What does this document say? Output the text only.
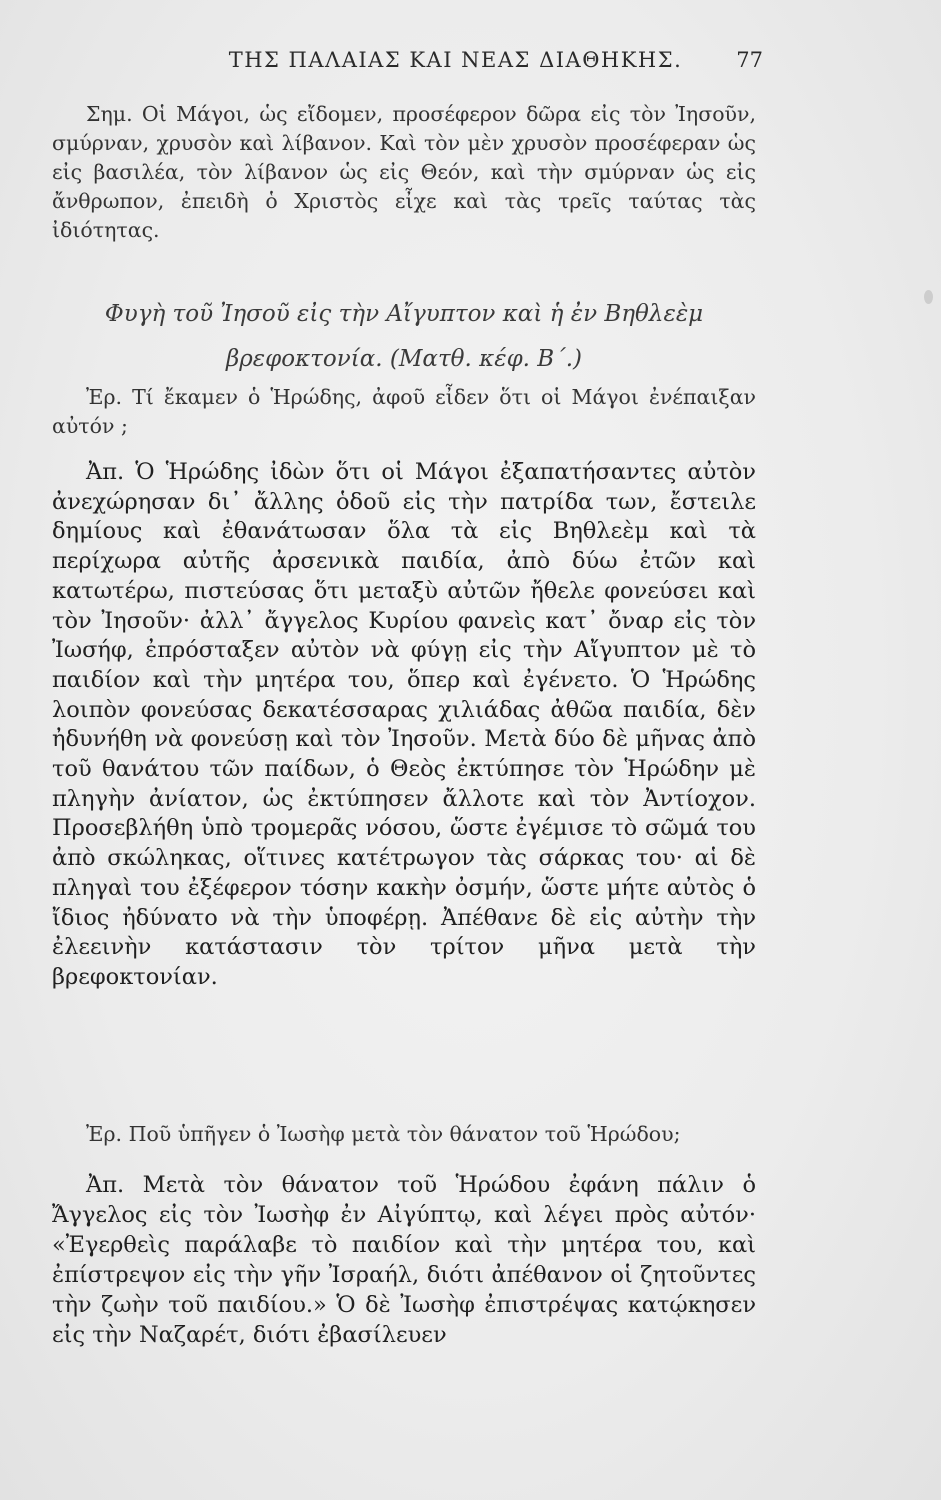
ΤΗΣ ΠΑΛΑΙΑΣ ΚΑΙ ΝΕΑΣ ΔΙΑΘΗΚΗΣ.	77

Σημ. Οἱ Μάγοι, ὡς εἴδομεν, προσέφερον δῶρα εἰς τὸν Ἰησοῦν, σμύρναν, χρυσὸν καὶ λίβανον. Καὶ τὸν μὲν χρυσὸν προσέφεραν ὡς εἰς βασιλέα, τὸν λίβανον ὡς εἰς Θεόν, καὶ τὴν σμύρναν ὡς εἰς ἄνθρωπον, ἐπειδὴ ὁ Χριστὸς εἶχε καὶ τὰς τρεῖς ταύτας τὰς ἰδιότητας.

Φυγὴ τοῦ Ἰησοῦ εἰς τὴν Αἴγυπτον καὶ ἡ ἐν Βηθλεὲμ
βρεφοκτονία. (Ματθ. κέφ. Β΄.)

Ἐρ. Τί ἔκαμεν ὁ Ἡρώδης, ἀφοῦ εἶδεν ὅτι οἱ Μάγοι ἐνέπαιξαν αὐτόν ;

Ἀπ. Ὁ Ἡρώδης ἰδὼν ὅτι οἱ Μάγοι ἐξαπατήσαντες αὐτὸν ἀνεχώρησαν δι᾽ ἄλλης ὁδοῦ εἰς τὴν πατρίδα των, ἔστειλε δημίους καὶ ἐθανάτωσαν ὅλα τὰ εἰς Βηθλεὲμ καὶ τὰ περίχωρα αὐτῆς ἀρσενικὰ παιδία, ἀπὸ δύω ἐτῶν καὶ κατωτέρω, πιστεύσας ὅτι μεταξὺ αὐτῶν ἤθελε φονεύσει καὶ τὸν Ἰησοῦν· ἀλλ᾽ ἄγγελος Κυρίου φανεὶς κατ᾽ ὄναρ εἰς τὸν Ἰωσήφ, ἐπρόσταξεν αὐτὸν νὰ φύγῃ εἰς τὴν Αἴγυπτον μὲ τὸ παιδίον καὶ τὴν μητέρα του, ὅπερ καὶ ἐγένετο. Ὁ Ἡρώδης λοιπὸν φονεύσας δεκατέσσαρας χιλιάδας ἀθῶα παιδία, δὲν ἠδυνήθη νὰ φονεύσῃ καὶ τὸν Ἰησοῦν. Μετὰ δύο δὲ μῆνας ἀπὸ τοῦ θανάτου τῶν παίδων, ὁ Θεὸς ἐκτύπησε τὸν Ἡρώδην μὲ πληγὴν ἀνίατον, ὡς ἐκτύπησεν ἄλλοτε καὶ τὸν Ἀντίοχον. Προσεβλήθη ὑπὸ τρομερᾶς νόσου, ὥστε ἐγέμισε τὸ σῶμά του ἀπὸ σκώληκας, οἵτινες κατέτρωγον τὰς σάρκας του· αἱ δὲ πληγαὶ του ἐξέφερον τόσην κακὴν ὀσμήν, ὥστε μήτε αὐτὸς ὁ ἴδιος ἠδύνατο νὰ τὴν ὑποφέρῃ. Ἀπέθανε δὲ εἰς αὐτὴν τὴν ἐλεεινὴν κατάστασιν τὸν τρίτον μῆνα μετὰ τὴν βρεφοκτονίαν.

Ἐρ. Ποῦ ὑπῆγεν ὁ Ἰωσὴφ μετὰ τὸν θάνατον τοῦ Ἡρώδου;

Ἀπ. Μετὰ τὸν θάνατον τοῦ Ἡρώδου ἐφάνη πάλιν ὁ Ἄγγελος εἰς τὸν Ἰωσὴφ ἐν Αἰγύπτῳ, καὶ λέγει πρὸς αὐτόν· «Ἐγερθεὶς παράλαβε τὸ παιδίον καὶ τὴν μητέρα του, καὶ ἐπίστρεψον εἰς τὴν γῆν Ἰσραήλ, διότι ἀπέθανον οἱ ζητοῦντες τὴν ζωὴν τοῦ παιδίου.» Ὁ δὲ Ἰωσὴφ ἐπιστρέψας κατῴκησεν εἰς τὴν Ναζαρέτ, διότι ἐβασίλευεν
